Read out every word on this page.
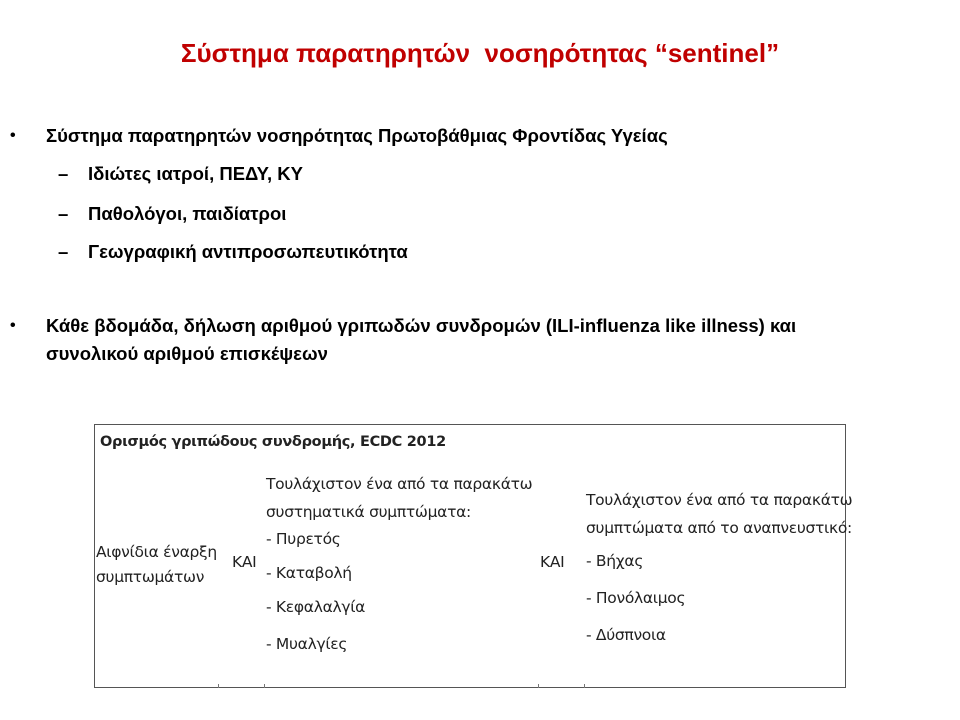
Σύστημα παρατηρητών  νοσηρότητας “sentinel”
• Σύστημα παρατηρητών νοσηρότητας Πρωτοβάθμιας Φροντίδας Υγείας
– Ιδιώτες ιατροί, ΠΕΔΥ, ΚΥ
– Παθολόγοι, παιδίατροι
– Γεωγραφική αντιπροσωπευτικότητα
• Κάθε βδομάδα, δήλωση αριθμού γριπωδών συνδρομών (ILI-influenza like illness) και συνολικού αριθμού επισκέψεων
Ορισμός γριπώδους συνδρομής, ECDC 2012
Αιφνίδια έναρξη
συμπτωμάτων
ΚΑΙ
Τουλάχιστον ένα από τα παρακάτω
συστηματικά συμπτώματα:
- Πυρετός
- Καταβολή
- Κεφαλαλγία
- Μυαλγίες
ΚΑΙ
Τουλάχιστον ένα από τα παρακάτω
συμπτώματα από το αναπνευστικό:
- Βήχας
- Πονόλαιμος
- Δύσπνοια
